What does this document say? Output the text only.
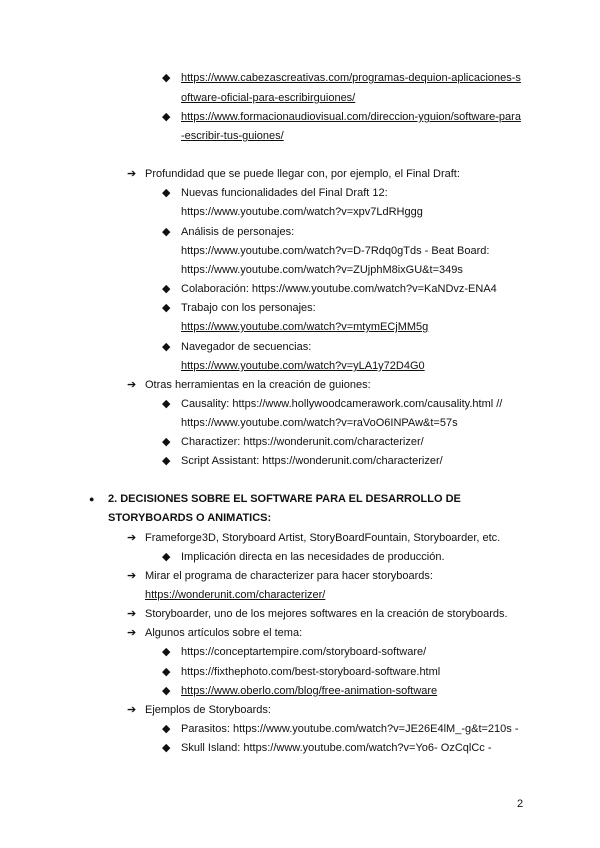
◆ https://www.cabezascreativas.com/programas-dequion-aplicaciones-s
oftware-oficial-para-escribirguiones/
◆ https://www.formacionaudiovisual.com/direccion-yguion/software-para
-escribir-tus-guiones/
➔ Profundidad que se puede llegar con, por ejemplo, el Final Draft:
◆ Nuevas funcionalidades del Final Draft 12:
https://www.youtube.com/watch?v=xpv7LdRHggg
◆ Análisis de personajes:
https://www.youtube.com/watch?v=D-7Rdq0gTds - Beat Board:
https://www.youtube.com/watch?v=ZUjphM8ixGU&t=349s
◆ Colaboración: https://www.youtube.com/watch?v=KaNDvz-ENA4
◆ Trabajo con los personajes:
https://www.youtube.com/watch?v=mtymECjMM5g
◆ Navegador de secuencias:
https://www.youtube.com/watch?v=yLA1y72D4G0
➔ Otras herramientas en la creación de guiones:
◆ Causality: https://www.hollywoodcamerawork.com/causality.html //
https://www.youtube.com/watch?v=raVoO6INPAw&t=57s
◆ Charactizer: https://wonderunit.com/characterizer/
◆ Script Assistant: https://wonderunit.com/characterizer/
● 2. DECISIONES SOBRE EL SOFTWARE PARA EL DESARROLLO DE
STORYBOARDS O ANIMATICS:
➔ Frameforge3D, Storyboard Artist, StoryBoardFountain, Storyboarder, etc.
◆ Implicación directa en las necesidades de producción.
➔ Mirar el programa de characterizer para hacer storyboards:
https://wonderunit.com/characterizer/
➔ Storyboarder, uno de los mejores softwares en la creación de storyboards.
➔ Algunos artículos sobre el tema:
◆ https://conceptartempire.com/storyboard-software/
◆ https://fixthephoto.com/best-storyboard-software.html
◆ https://www.oberlo.com/blog/free-animation-software
➔ Ejemplos de Storyboards:
◆ Parasitos: https://www.youtube.com/watch?v=JE26E4lM_-g&t=210s -
◆ Skull Island: https://www.youtube.com/watch?v=Yo6- OzCqlCc -
2
